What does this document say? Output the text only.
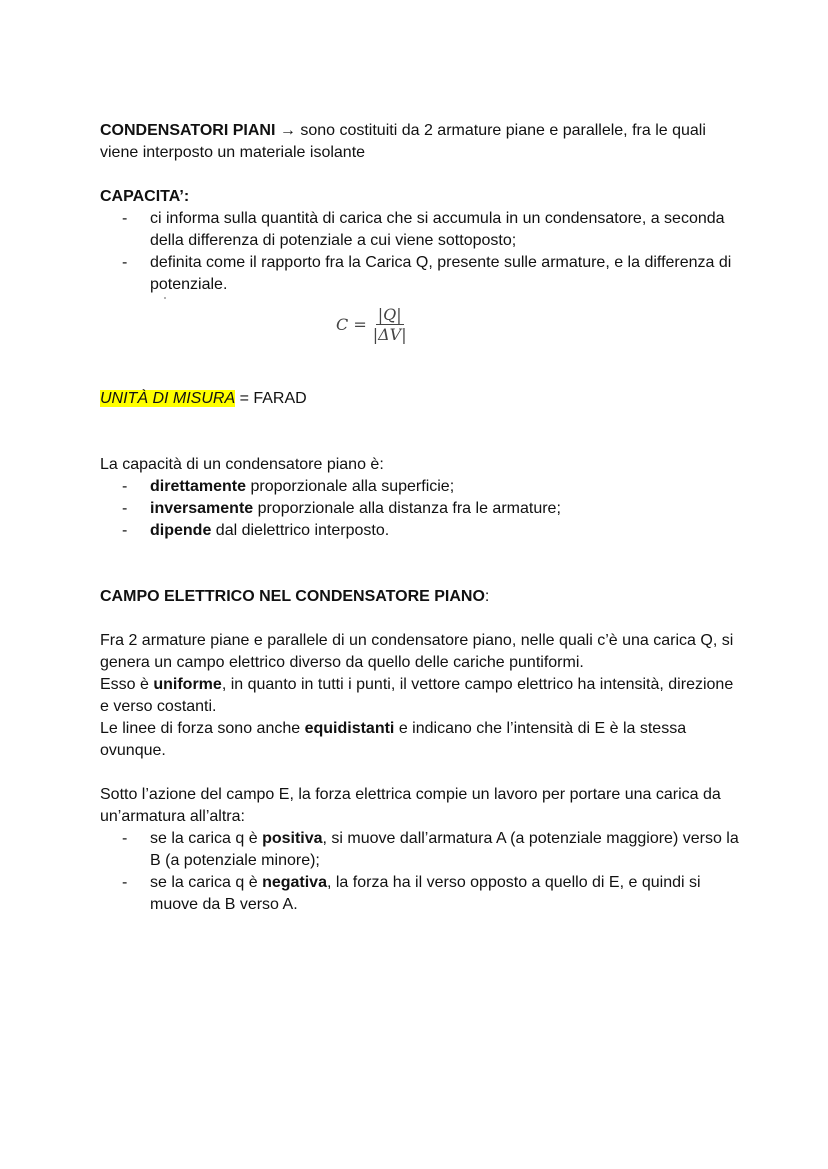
CONDENSATORI PIANI → sono costituiti da 2 armature piane e parallele, fra le quali viene interposto un materiale isolante

CAPACITA’:

- ci informa sulla quantità di carica che si accumula in un condensatore, a seconda della differenza di potenziale a cui viene sottoposto;
- definita come il rapporto fra la Carica Q, presente sulle armature, e la differenza di potenziale.
$C = \frac{|Q|}{|\Delta V|}$

UNITÀ DI MISURA = FARAD

La capacità di un condensatore piano è:

- direttamente proporzionale alla superficie;
- inversamente proporzionale alla distanza fra le armature;
- dipende dal dielettrico interposto.

CAMPO ELETTRICO NEL CONDENSATORE PIANO:

Fra 2 armature piane e parallele di un condensatore piano, nelle quali c’è una carica Q, si genera un campo elettrico diverso da quello delle cariche puntiformi.

Esso è uniforme, in quanto in tutti i punti, il vettore campo elettrico ha intensità, direzione e verso costanti.

Le linee di forza sono anche equidistanti e indicano che l’intensità di E è la stessa ovunque.

Sotto l’azione del campo E, la forza elettrica compie un lavoro per portare una carica da un’armatura all’altra:

- se la carica q è positiva, si muove dall’armatura A (a potenziale maggiore) verso la B (a potenziale minore);
- se la carica q è negativa, la forza ha il verso opposto a quello di E, e quindi si muove da B verso A.
